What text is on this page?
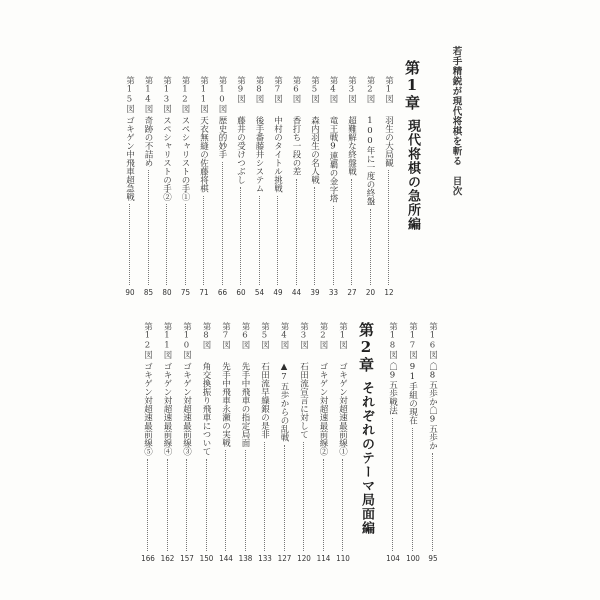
若手精鋭が現代将棋を斬る　目次
第1章現代将棋の急所編
第2章それぞれのテーマ局面編
第1図
羽生の大局観
12
第2図
100年に一度の終盤
20
第3図
超難解な終盤戦
27
第4図
竜王戦9連覇の金字塔
33
第5図
森内羽生の名人戦
39
第6図
香打ち一段の差
44
第7図
中村のタイトル挑戦
49
第8図
後手番藤井システム
54
第9図
藤井の受けつぶし
60
第10図
歴史的妙手
66
第11図
天衣無縫の佐藤将棋
71
第12図
スペシャリストの手①
75
第13図
スペシャリストの手②
80
第14図
奇跡の不詰め
85
第15図
ゴキゲン中飛車超急戦
90
第16図
☖8五歩か☖9五歩か
95
第17図
91手組の現在
100
第18図
☖9五歩戦法
104
第1図
ゴキゲン対超速最前線①
110
第2図
ゴキゲン対超速最前線②
114
第3図
石田流宣言に対して
120
第4図
▲7五歩からの乱戦
127
第5図
石田流早繰銀の是非
133
第6図
先手中飛車の指定局面
138
第7図
先手中飛車永瀬の実戦
144
第8図
角交換振り飛車について
150
第10図
ゴキゲン対超速最前線③
157
第11図
ゴキゲン対超速最前線④
162
第12図
ゴキゲン対超速最前線⑤
166
